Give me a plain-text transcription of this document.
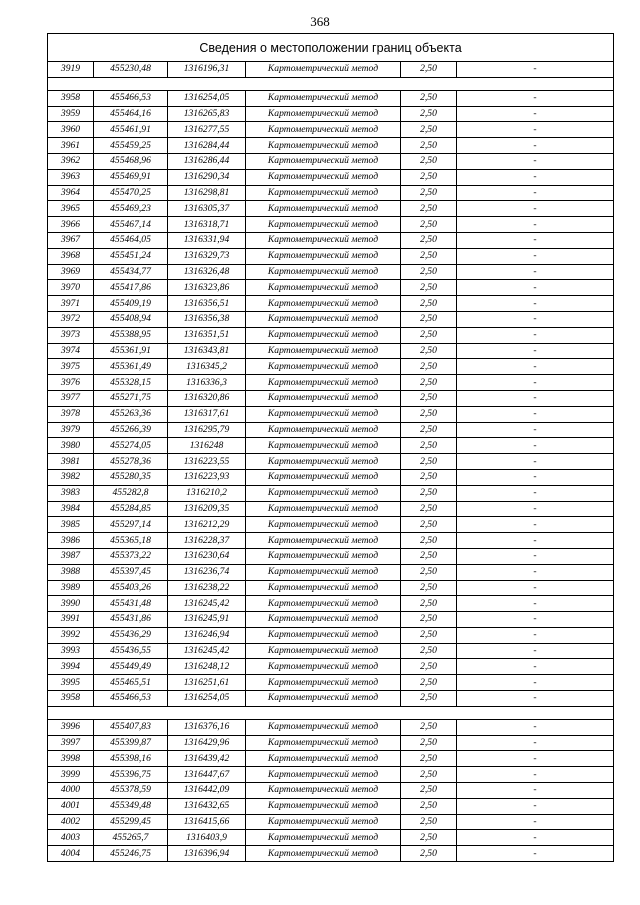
368
Сведения о местоположении границ объекта					
3919	455230,48	1316196,31	Картометрический метод	2,50	-

3958	455466,53	1316254,05	Картометрический метод	2,50	-
3959	455464,16	1316265,83	Картометрический метод	2,50	-
3960	455461,91	1316277,55	Картометрический метод	2,50	-
3961	455459,25	1316284,44	Картометрический метод	2,50	-
3962	455468,96	1316286,44	Картометрический метод	2,50	-
3963	455469,91	1316290,34	Картометрический метод	2,50	-
3964	455470,25	1316298,81	Картометрический метод	2,50	-
3965	455469,23	1316305,37	Картометрический метод	2,50	-
3966	455467,14	1316318,71	Картометрический метод	2,50	-
3967	455464,05	1316331,94	Картометрический метод	2,50	-
3968	455451,24	1316329,73	Картометрический метод	2,50	-
3969	455434,77	1316326,48	Картометрический метод	2,50	-
3970	455417,86	1316323,86	Картометрический метод	2,50	-
3971	455409,19	1316356,51	Картометрический метод	2,50	-
3972	455408,94	1316356,38	Картометрический метод	2,50	-
3973	455388,95	1316351,51	Картометрический метод	2,50	-
3974	455361,91	1316343,81	Картометрический метод	2,50	-
3975	455361,49	1316345,2	Картометрический метод	2,50	-
3976	455328,15	1316336,3	Картометрический метод	2,50	-
3977	455271,75	1316320,86	Картометрический метод	2,50	-
3978	455263,36	1316317,61	Картометрический метод	2,50	-
3979	455266,39	1316295,79	Картометрический метод	2,50	-
3980	455274,05	1316248	Картометрический метод	2,50	-
3981	455278,36	1316223,55	Картометрический метод	2,50	-
3982	455280,35	1316223,93	Картометрический метод	2,50	-
3983	455282,8	1316210,2	Картометрический метод	2,50	-
3984	455284,85	1316209,35	Картометрический метод	2,50	-
3985	455297,14	1316212,29	Картометрический метод	2,50	-
3986	455365,18	1316228,37	Картометрический метод	2,50	-
3987	455373,22	1316230,64	Картометрический метод	2,50	-
3988	455397,45	1316236,74	Картометрический метод	2,50	-
3989	455403,26	1316238,22	Картометрический метод	2,50	-
3990	455431,48	1316245,42	Картометрический метод	2,50	-
3991	455431,86	1316245,91	Картометрический метод	2,50	-
3992	455436,29	1316246,94	Картометрический метод	2,50	-
3993	455436,55	1316245,42	Картометрический метод	2,50	-
3994	455449,49	1316248,12	Картометрический метод	2,50	-
3995	455465,51	1316251,61	Картометрический метод	2,50	-
3958	455466,53	1316254,05	Картометрический метод	2,50	-

3996	455407,83	1316376,16	Картометрический метод	2,50	-
3997	455399,87	1316429,96	Картометрический метод	2,50	-
3998	455398,16	1316439,42	Картометрический метод	2,50	-
3999	455396,75	1316447,67	Картометрический метод	2,50	-
4000	455378,59	1316442,09	Картометрический метод	2,50	-
4001	455349,48	1316432,65	Картометрический метод	2,50	-
4002	455299,45	1316415,66	Картометрический метод	2,50	-
4003	455265,7	1316403,9	Картометрический метод	2,50	-
4004	455246,75	1316396,94	Картометрический метод	2,50	-
